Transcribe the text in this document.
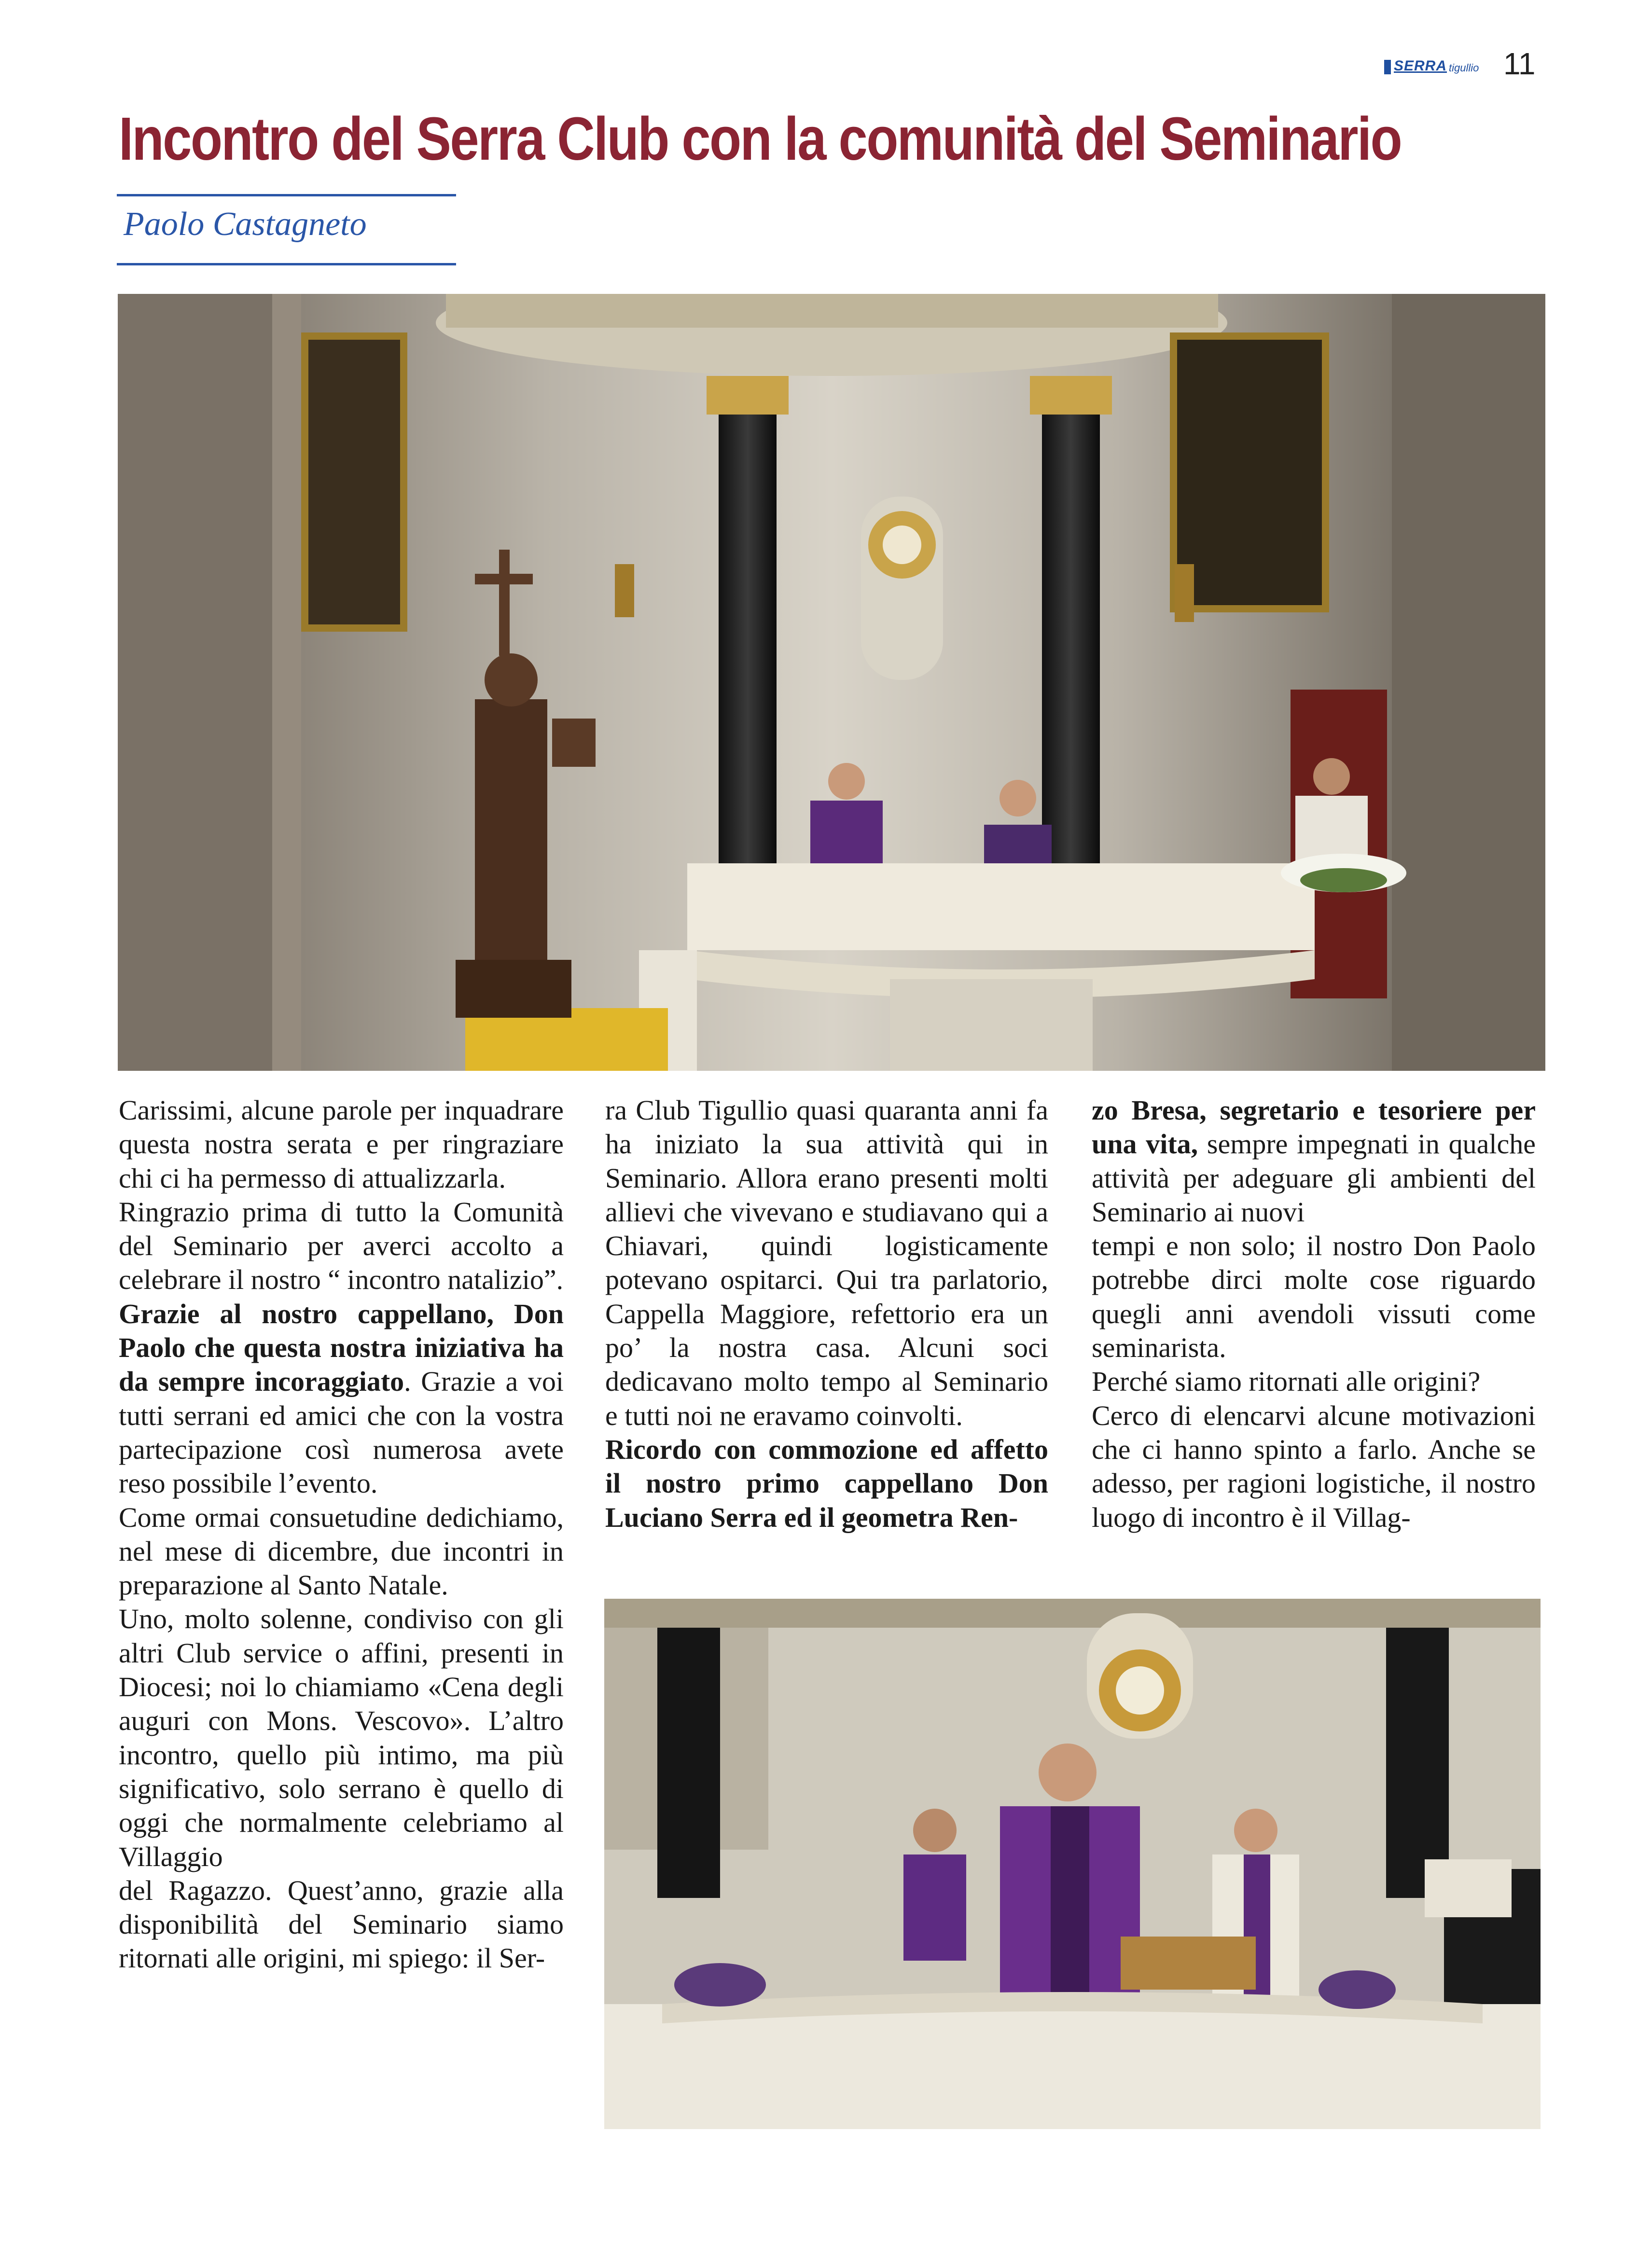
SERRA tigullio 11
Incontro del Serra Club con la comunità del Seminario
Paolo Castagneto

Carissimi, alcune parole per inquadrare questa nostra serata e per ringraziare chi ci ha permesso di attualizzarla.

Ringrazio prima di tutto la Comunità del Seminario per averci accolto a celebrare il nostro “ incontro natalizio”.

Grazie al nostro cappellano, Don Paolo che questa nostra iniziativa ha da sempre incoraggiato. Grazie a voi tutti serrani ed amici che con la vostra partecipazione così numerosa avete reso possibile l’evento.

Come ormai consuetudine dedichiamo, nel mese di dicembre, due incontri in preparazione al Santo Natale.

Uno, molto solenne, condiviso con gli altri Club service o affini, presenti in Diocesi; noi lo chiamiamo «Cena degli auguri con Mons. Vescovo». L’altro incontro, quello più intimo, ma più significativo, solo serrano è quello di oggi che normalmente celebriamo al Villaggio

del Ragazzo. Quest’anno, grazie alla disponibilità del Seminario siamo ritornati alle origini, mi spiego: il Ser-

ra Club Tigullio quasi quaranta anni fa ha iniziato la sua attività qui in Seminario. Allora erano presenti molti allievi che vivevano e studiavano qui a Chiavari, quindi logisticamente potevano ospitarci. Qui tra parlatorio, Cappella Maggiore, refettorio era un po’ la nostra casa. Alcuni soci dedicavano molto tempo al Seminario e tutti noi ne eravamo coinvolti.

Ricordo con commozione ed affetto il nostro primo cappellano Don Luciano Serra ed il geometra Ren-

zo Bresa, segretario e tesoriere per una vita, sempre impegnati in qualche attività per adeguare gli ambienti del Seminario ai nuovi

tempi e non solo; il nostro Don Paolo potrebbe dirci molte cose riguardo quegli anni avendoli vissuti come seminarista.

Perché siamo ritornati alle origini?

Cerco di elencarvi alcune motivazioni che ci hanno spinto a farlo. Anche se adesso, per ragioni logistiche, il nostro luogo di incontro è il Villag-
